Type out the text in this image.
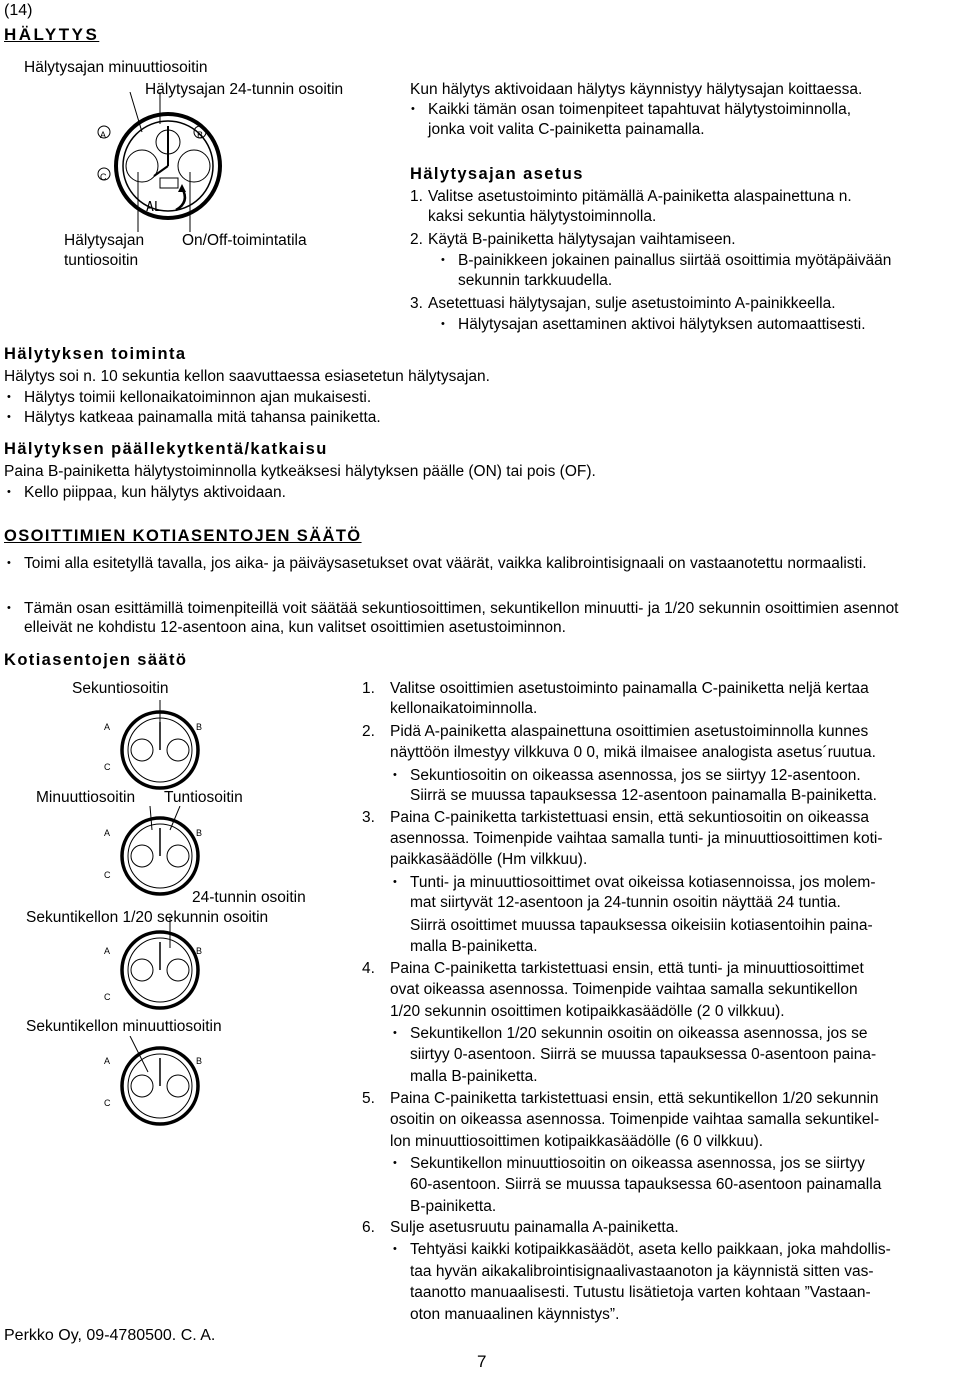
(14)
HÄLYTYS
Hälytysajan minuuttiosoitin
Hälytysajan 24-tunnin osoitin
Hälytysajan
tuntiosoitin
On/Off-toimintatila
A	B
C
AL
Kun hälytys aktivoidaan hälytys käynnistyy hälytysajan koittaessa.
• Kaikki tämän osan toimenpiteet tapahtuvat hälytystoiminnolla,
jonka voit valita C-painiketta painamalla.
Hälytysajan asetus
1. Valitse asetustoiminto pitämällä A-painiketta alaspainettuna n.
kaksi sekuntia hälytystoiminnolla.
2. Käytä B-painiketta hälytysajan vaihtamiseen.
• B-painikkeen jokainen painallus siirtää osoittimia myötäpäivään
sekunnin tarkkuudella.
3. Asetettuasi hälytysajan, sulje asetustoiminto A-painikkeella.
• Hälytysajan asettaminen aktivoi hälytyksen automaattisesti.
Hälytyksen toiminta
Hälytys soi n. 10 sekuntia kellon saavuttaessa esiasetetun hälytysajan.
• Hälytys toimii kellonaikatoiminnon ajan mukaisesti.
• Hälytys katkeaa painamalla mitä tahansa painiketta.
Hälytyksen päällekytkentä/katkaisu
Paina B-painiketta hälytystoiminnolla kytkeäksesi hälytyksen päälle (ON) tai pois (OF).
• Kello piippaa, kun hälytys aktivoidaan.
OSOITTIMIEN KOTIASENTOJEN SÄÄTÖ
• Toimi alla esitetyllä tavalla, jos aika- ja päiväysasetukset ovat väärät, vaikka kalibrointisignaali on vastaanotettu normaalisti.
• Tämän osan esittämillä toimenpiteillä voit säätää sekuntiosoittimen, sekuntikellon minuutti- ja 1/20 sekunnin osoittimien asennot elleivät ne kohdistu 12-asentoon aina, kun valitset osoittimien asetustoiminnon.
Kotiasentojen säätö
Sekuntiosoitin
A	B
C
Minuuttiosoitin Tuntiosoitin
A	B
C
24-tunnin osoitin
Sekuntikellon 1/20 sekunnin osoitin
A	B
C
Sekuntikellon minuuttiosoitin
A	B
C
1. Valitse osoittimien asetustoiminto painamalla C-painiketta neljä kertaa
kellonaikatoiminnolla.
2. Pidä A-painiketta alaspainettuna osoittimien asetustoiminnolla kunnes
näyttöön ilmestyy vilkkuva 0 0, mikä ilmaisee analogista asetus´ruutua.
• Sekuntiosoitin on oikeassa asennossa, jos se siirtyy 12-asentoon.
Siirrä se muussa tapauksessa 12-asentoon painamalla B-painiketta.
3. Paina C-painiketta tarkistettuasi ensin, että sekuntiosoitin on oikeassa
asennossa. Toimenpide vaihtaa samalla tunti- ja minuuttiosoittimen koti-
paikkasäädölle (Hm vilkkuu).
• Tunti- ja minuuttiosoittimet ovat oikeissa kotiasennoissa, jos molem-
mat siirtyvät 12-asentoon ja 24-tunnin osoitin näyttää 24 tuntia.
Siirrä osoittimet muussa tapauksessa oikeisiin kotiasentoihin paina-
malla B-painiketta.
4. Paina C-painiketta tarkistettuasi ensin, että tunti- ja minuuttiosoittimet
ovat oikeassa asennossa. Toimenpide vaihtaa samalla sekuntikellon
1/20 sekunnin osoittimen kotipaikkasäädölle (2 0 vilkkuu).
• Sekuntikellon 1/20 sekunnin osoitin on oikeassa asennossa, jos se
siirtyy 0-asentoon. Siirrä se muussa tapauksessa 0-asentoon paina-
malla B-painiketta.
5. Paina C-painiketta tarkistettuasi ensin, että sekuntikellon 1/20 sekunnin
osoitin on oikeassa asennossa. Toimenpide vaihtaa samalla sekuntikel-
lon minuuttiosoittimen kotipaikkasäädölle (6 0 vilkkuu).
• Sekuntikellon minuuttiosoitin on oikeassa asennossa, jos se siirtyy
60-asentoon. Siirrä se muussa tapauksessa 60-asentoon painamalla
B-painiketta.
6. Sulje asetusruutu painamalla A-painiketta.
• Tehtyäsi kaikki kotipaikkasäädöt, aseta kello paikkaan, joka mahdollis-
taa hyvän aikakalibrointisignaalivastaanoton ja käynnistä sitten vas-
taanotto manuaalisesti. Tutustu lisätietoja varten kohtaan ”Vastaan-
oton manuaalinen käynnistys”.
Perkko Oy, 09-4780500. C. A.
7
